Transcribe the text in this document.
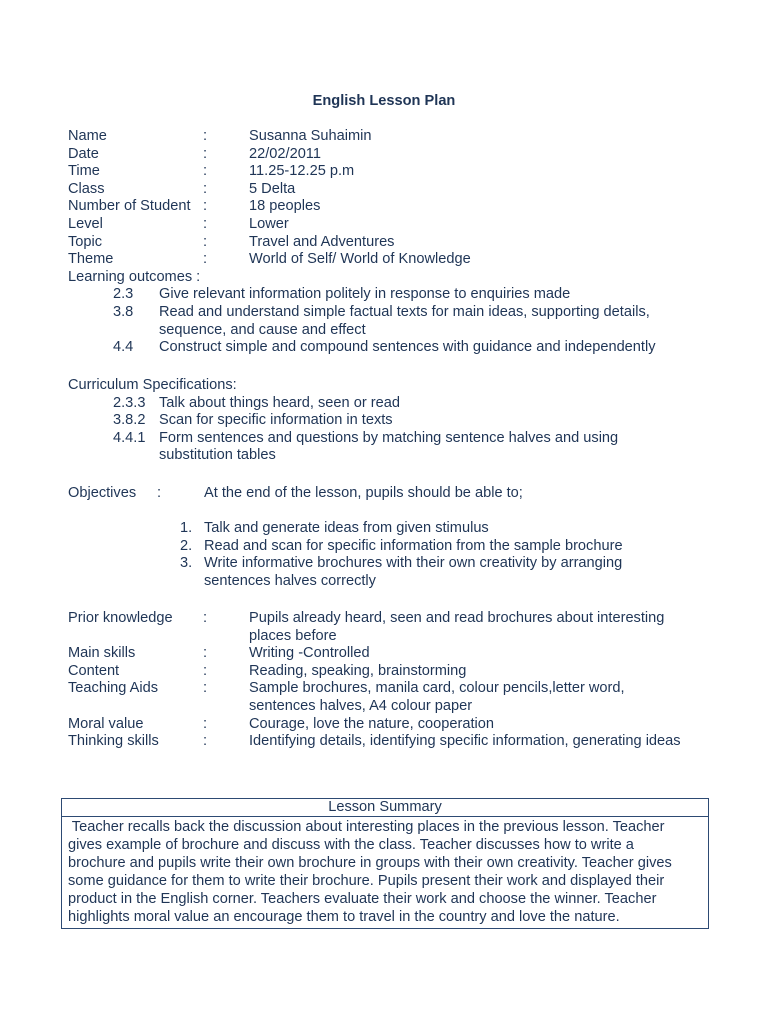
English Lesson Plan
Name	:	Susanna Suhaimin
Date	:	22/02/2011
Time	:	11.25-12.25 p.m
Class	:	5 Delta
Number of Student :	18 peoples
Level	:	Lower
Topic	:	Travel and Adventures
Theme	:	World of Self/ World of Knowledge
Learning outcomes :
2.3 Give relevant information politely in response to enquiries made
3.8 Read and understand simple factual texts for main ideas, supporting details,
sequence, and cause and effect
4.4 Construct simple and compound sentences with guidance and independently
Curriculum Specifications:
2.3.3 Talk about things heard, seen or read
3.8.2 Scan for specific information in texts
4.4.1 Form sentences and questions by matching sentence halves and using
substitution tables
Objectives :	At the end of the lesson, pupils should be able to;
1. Talk and generate ideas from given stimulus
2. Read and scan for specific information from the sample brochure
3. Write informative brochures with their own creativity by arranging
sentences halves correctly
Prior knowledge :	Pupils already heard, seen and read brochures about interesting
places before
Main skills	:	Writing -Controlled
Content	:	Reading, speaking, brainstorming
Teaching Aids	:	Sample brochures, manila card, colour pencils,letter word,
sentences halves, A4 colour paper
Moral value	:	Courage, love the nature, cooperation
Thinking skills	:	Identifying details, identifying specific information, generating ideas
Lesson Summary
Teacher recalls back the discussion about interesting places in the previous lesson. Teacher
gives example of brochure and discuss with the class. Teacher discusses how to write a
brochure and pupils write their own brochure in groups with their own creativity. Teacher gives
some guidance for them to write their brochure. Pupils present their work and displayed their
product in the English corner. Teachers evaluate their work and choose the winner. Teacher
highlights moral value an encourage them to travel in the country and love the nature.
